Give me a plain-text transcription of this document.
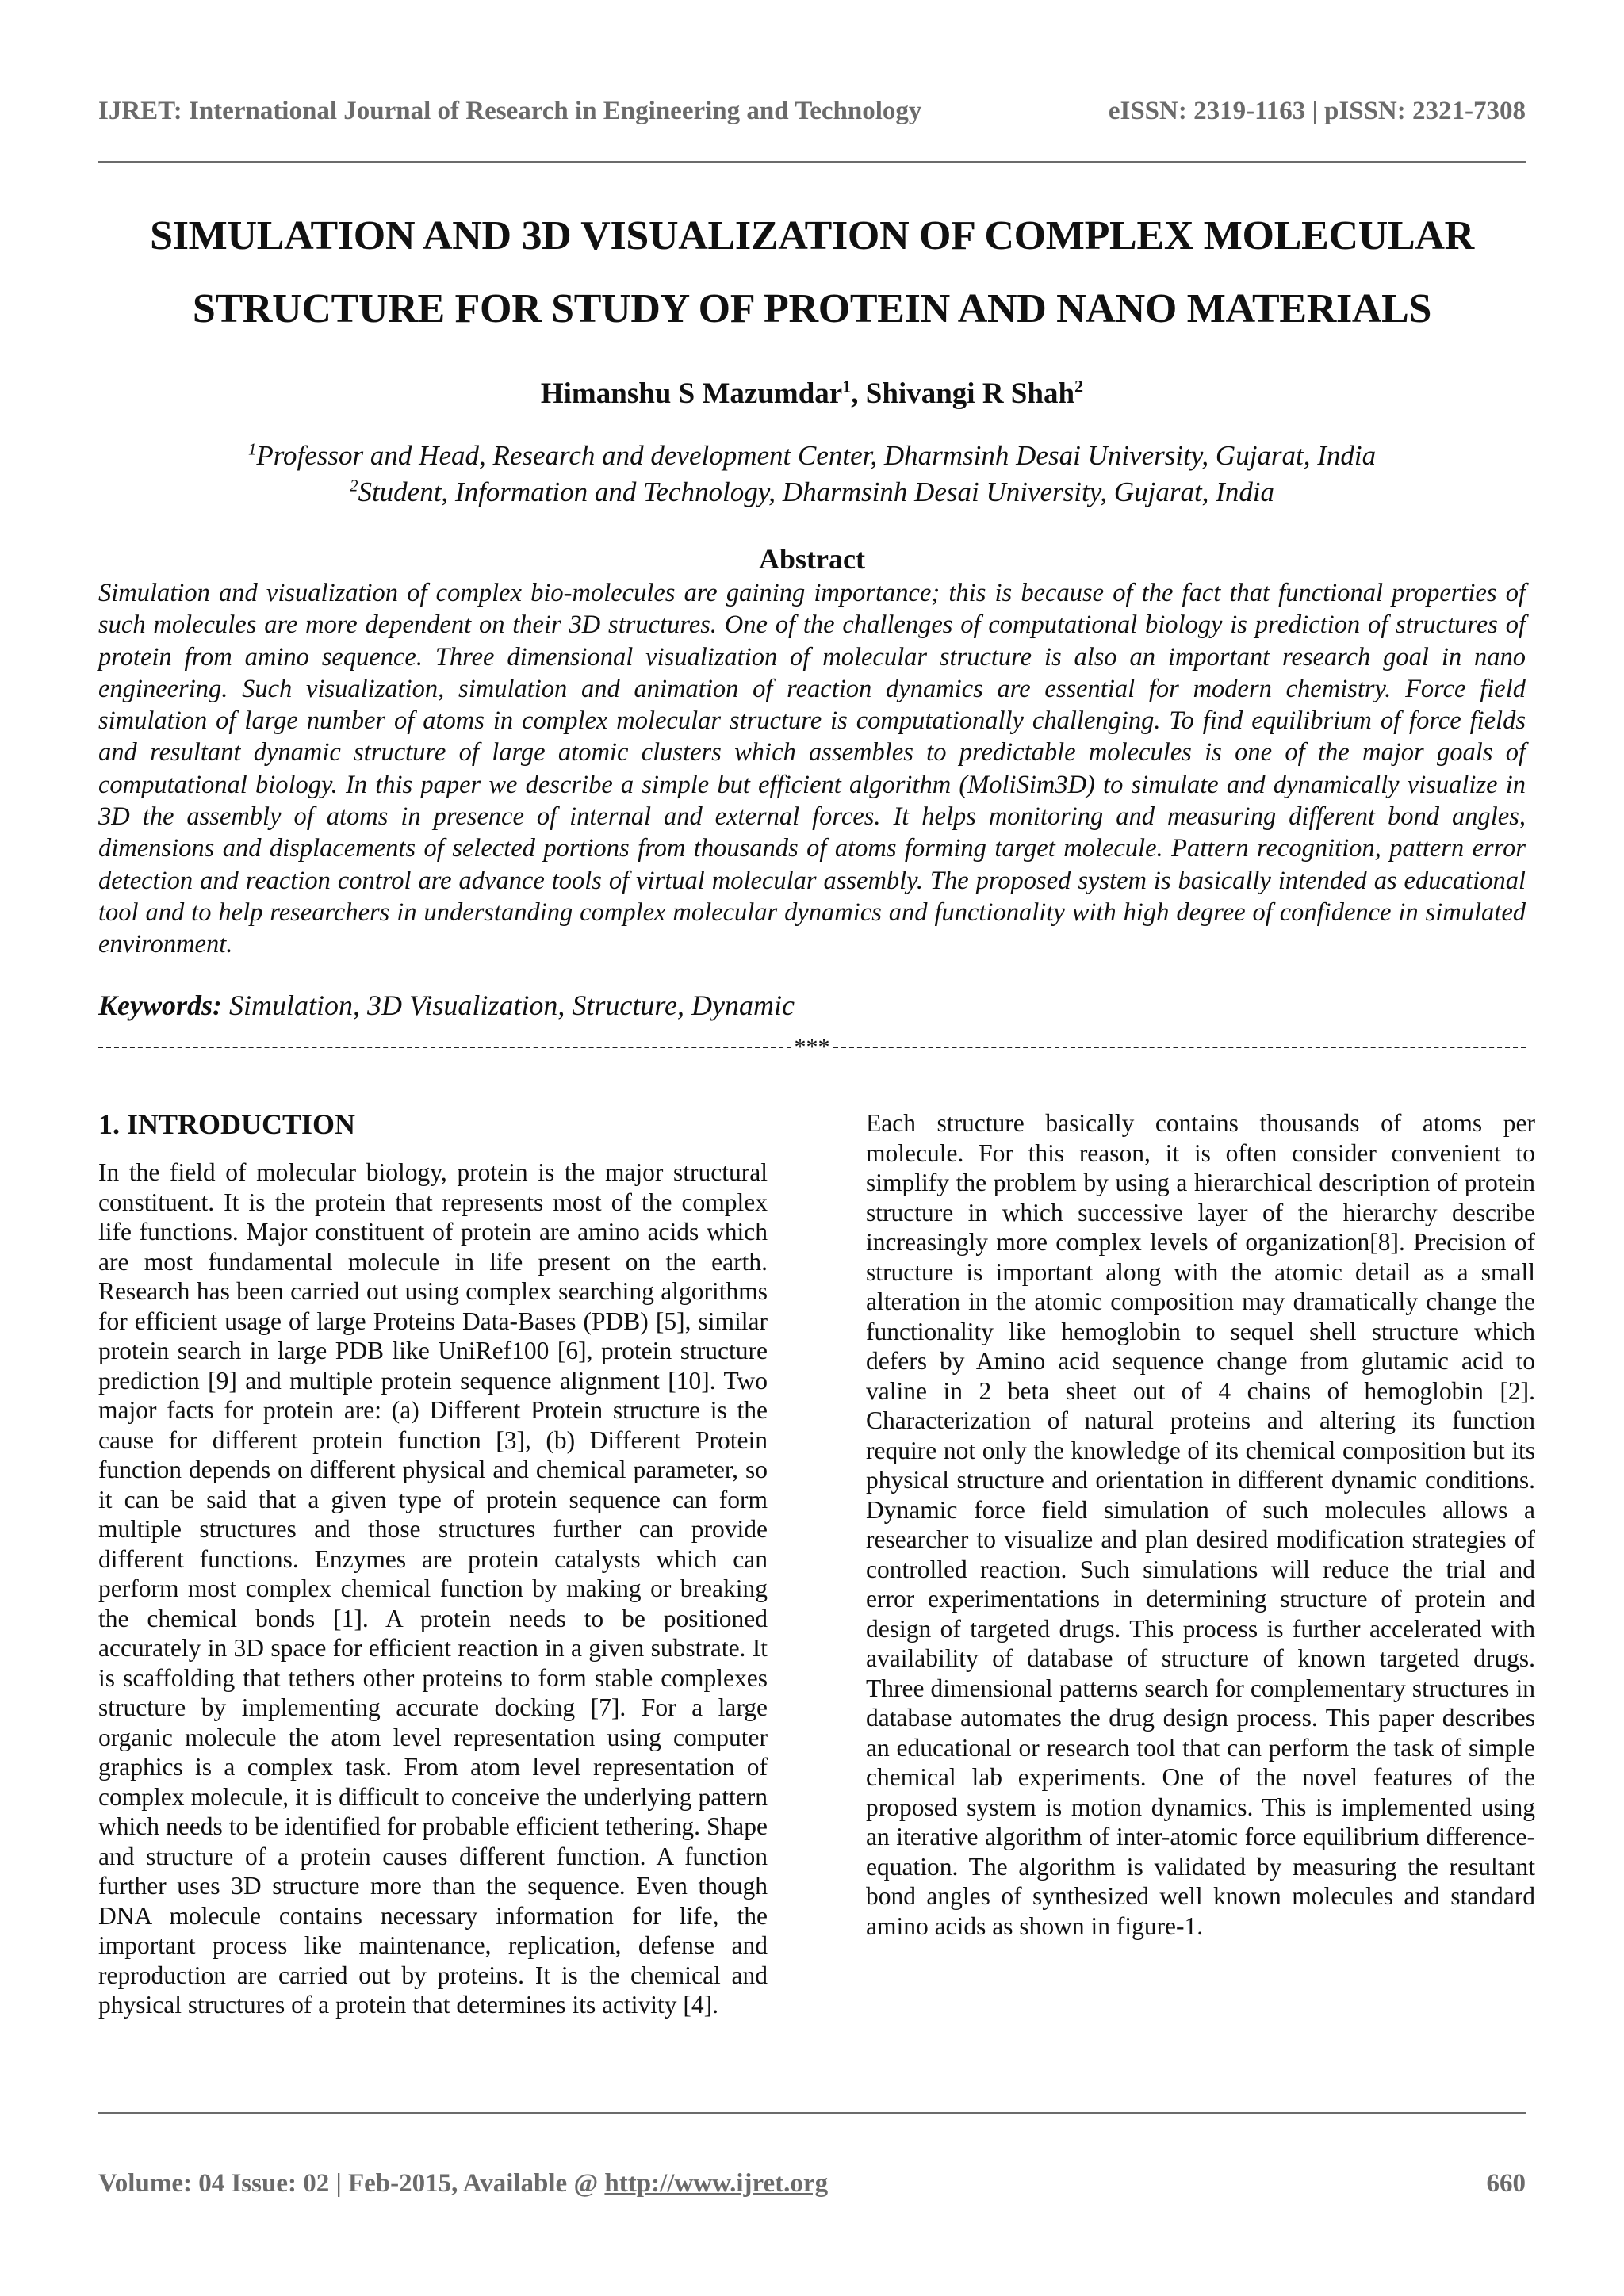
IJRET: International Journal of Research in Engineering and Technology	eISSN: 2319-1163 | pISSN: 2321-7308
SIMULATION AND 3D VISUALIZATION OF COMPLEX MOLECULAR
STRUCTURE FOR STUDY OF PROTEIN AND NANO MATERIALS
Himanshu S Mazumdar$^1$, Shivangi R Shah$^2$
$^1$Professor and Head, Research and development Center, Dharmsinh Desai University, Gujarat, India
$^2$Student, Information and Technology, Dharmsinh Desai University, Gujarat, India
Abstract
Simulation and visualization of complex bio-molecules are gaining importance; this is because of the fact that functional properties of such molecules are more dependent on their 3D structures. One of the challenges of computational biology is prediction of structures of protein from amino sequence. Three dimensional visualization of molecular structure is also an important research goal in nano engineering. Such visualization, simulation and animation of reaction dynamics are essential for modern chemistry. Force field simulation of large number of atoms in complex molecular structure is computationally challenging. To find equilibrium of force fields and resultant dynamic structure of large atomic clusters which assembles to predictable molecules is one of the major goals of computational biology. In this paper we describe a simple but efficient algorithm (MoliSim3D) to simulate and dynamically visualize in 3D the assembly of atoms in presence of internal and external forces. It helps monitoring and measuring different bond angles, dimensions and displacements of selected portions from thousands of atoms forming target molecule. Pattern recognition, pattern error detection and reaction control are advance tools of virtual molecular assembly. The proposed system is basically intended as educational tool and to help researchers in understanding complex molecular dynamics and functionality with high degree of confidence in simulated environment.
Keywords: Simulation, 3D Visualization, Structure, Dynamic
***
1. INTRODUCTION

In the field of molecular biology, protein is the major structural constituent. It is the protein that represents most of the complex life functions. Major constituent of protein are amino acids which are most fundamental molecule in life present on the earth. Research has been carried out using complex searching algorithms for efficient usage of large Proteins Data-Bases (PDB) [5], similar protein search in large PDB like UniRef100 [6], protein structure prediction [9] and multiple protein sequence alignment [10]. Two major facts for protein are: (a) Different Protein structure is the cause for different protein function [3], (b) Different Protein function depends on different physical and chemical parameter, so it can be said that a given type of protein sequence can form multiple structures and those structures further can provide different functions. Enzymes are protein catalysts which can perform most complex chemical function by making or breaking the chemical bonds [1]. A protein needs to be positioned accurately in 3D space for efficient reaction in a given substrate. It is scaffolding that tethers other proteins to form stable complexes structure by implementing accurate docking [7]. For a large organic molecule the atom level representation using computer graphics is a complex task. From atom level representation of complex molecule, it is difficult to conceive the underlying pattern which needs to be identified for probable efficient tethering. Shape and structure of a protein causes different function. A function further uses 3D structure more than the sequence. Even though DNA molecule contains necessary information for life, the important process like maintenance, replication, defense and reproduction are carried out by proteins. It is the chemical and physical structures of a protein that determines its activity [4].

Each structure basically contains thousands of atoms per molecule. For this reason, it is often consider convenient to simplify the problem by using a hierarchical description of protein structure in which successive layer of the hierarchy describe increasingly more complex levels of organization[8]. Precision of structure is important along with the atomic detail as a small alteration in the atomic composition may dramatically change the functionality like hemoglobin to sequel shell structure which defers by Amino acid sequence change from glutamic acid to valine in 2 beta sheet out of 4 chains of hemoglobin [2]. Characterization of natural proteins and altering its function require not only the knowledge of its chemical composition but its physical structure and orientation in different dynamic conditions. Dynamic force field simulation of such molecules allows a researcher to visualize and plan desired modification strategies of controlled reaction. Such simulations will reduce the trial and error experimentations in determining structure of protein and design of targeted drugs. This process is further accelerated with availability of database of structure of known targeted drugs. Three dimensional patterns search for complementary structures in database automates the drug design process. This paper describes an educational or research tool that can perform the task of simple chemical lab experiments. One of the novel features of the proposed system is motion dynamics. This is implemented using an iterative algorithm of inter-atomic force equilibrium difference-equation. The algorithm is validated by measuring the resultant bond angles of synthesized well known molecules and standard amino acids as shown in figure-1.

Volume: 04 Issue: 02 | Feb-2015, Available @ http://www.ijret.org	660
